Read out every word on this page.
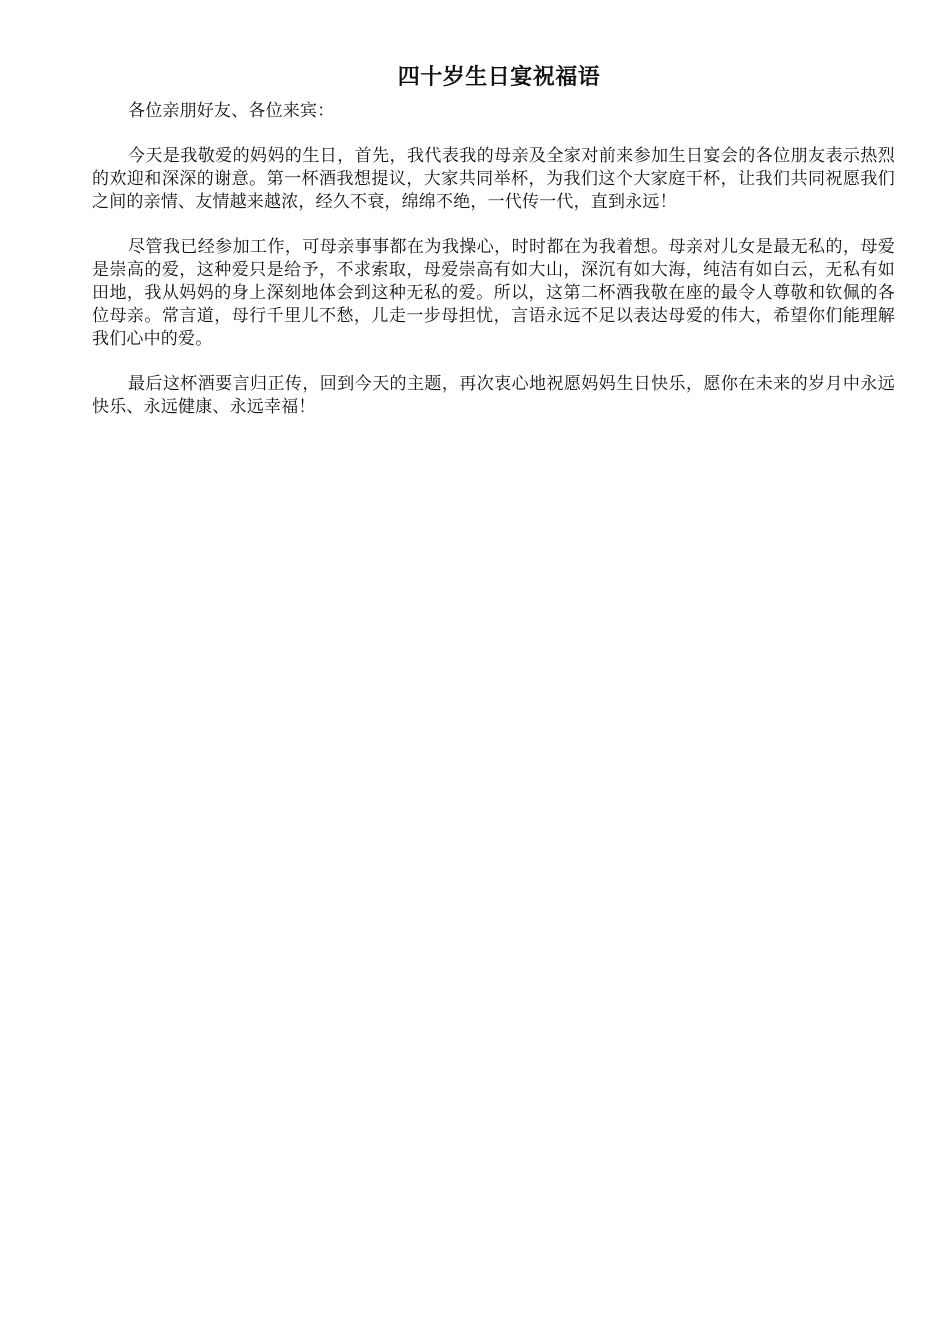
四十岁生日宴祝福语

各位亲朋好友、各位来宾：

今天是我敬爱的妈妈的生日，首先，我代表我的母亲及全家对前来参加生日宴会的各位朋友表示热烈的欢迎和深深的谢意。第一杯酒我想提议，大家共同举杯，为我们这个大家庭干杯，让我们共同祝愿我们之间的亲情、友情越来越浓，经久不衰，绵绵不绝，一代传一代，直到永远！

尽管我已经参加工作，可母亲事事都在为我操心，时时都在为我着想。母亲对儿女是最无私的，母爱是崇高的爱，这种爱只是给予，不求索取，母爱崇高有如大山，深沉有如大海，纯洁有如白云，无私有如田地，我从妈妈的身上深刻地体会到这种无私的爱。所以，这第二杯酒我敬在座的最令人尊敬和钦佩的各位母亲。常言道，母行千里儿不愁，儿走一步母担忧，言语永远不足以表达母爱的伟大，希望你们能理解我们心中的爱。

最后这杯酒要言归正传，回到今天的主题，再次衷心地祝愿妈妈生日快乐，愿你在未来的岁月中永远快乐、永远健康、永远幸福！
